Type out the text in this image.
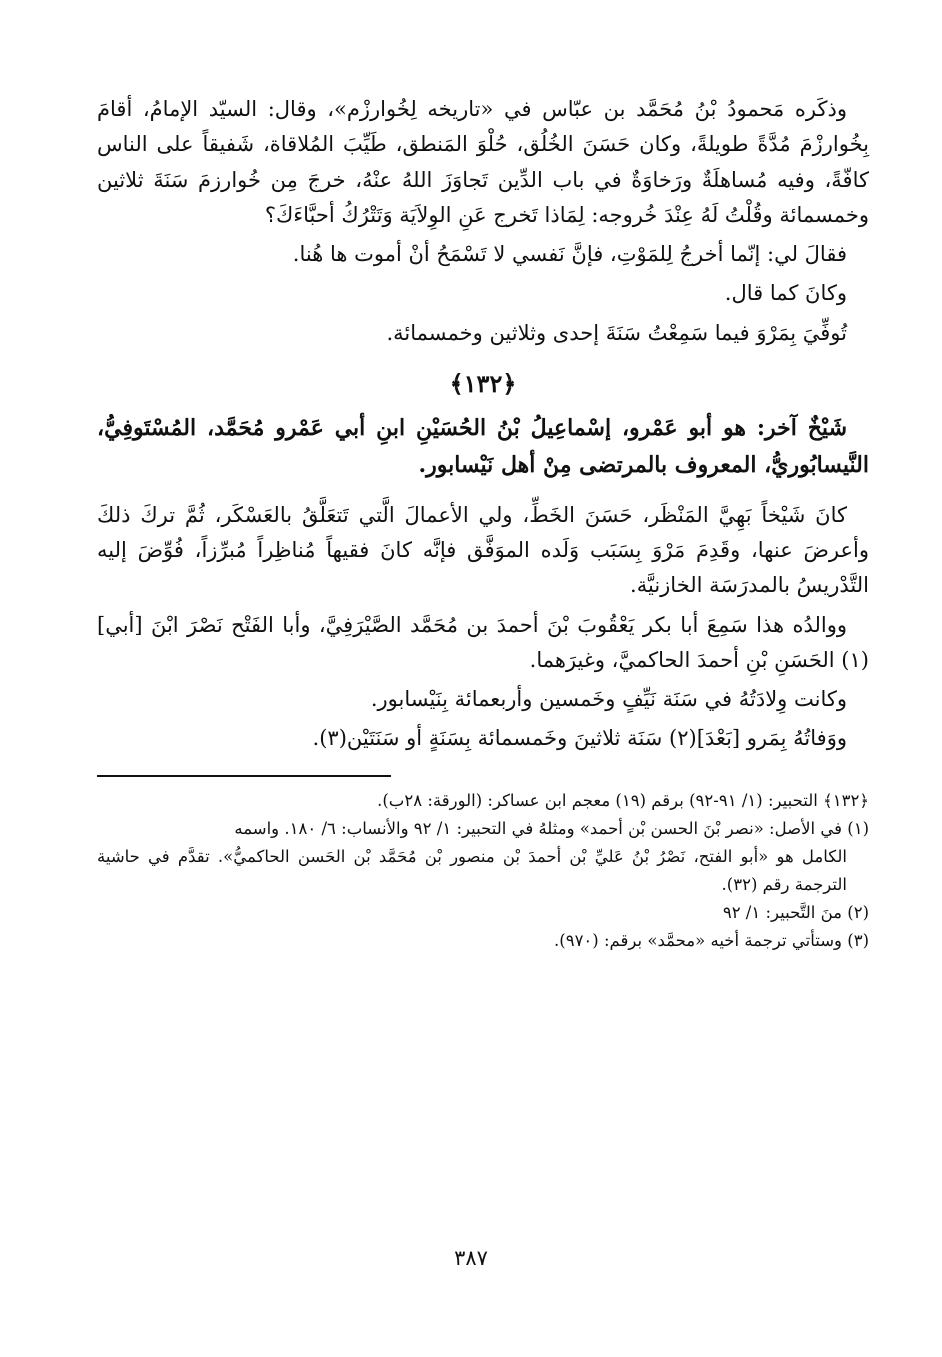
وذكَره مَحمودُ بْنُ مُحَمَّد بن عبّاس في «تاريخه لِخُوارزْم»، وقال: السيّد الإمامُ، أقامَ بِخُوارزْمَ مُدَّةً طويلةً، وكان حَسَنَ الخُلُق، حُلْوَ المَنطق، طَيِّبَ المُلاقاة، شَفيقاً على الناس كافّةً، وفيه مُساهلَةٌ ورَخاوَةٌ في باب الدِّين تَجاوَزَ اللهُ عنْهُ، خرجَ مِن خُوارزمَ سَنَةَ ثلاثين وخمسمائة وقُلْتُ لَهُ عِنْدَ خُروجه: لِمَاذا تَخرج عَنِ الوِلاَيَة وَتَتْرُكُ أحبَّاءَكَ؟

فقالَ لي: إنّما أخرجُ لِلمَوْتِ، فإنَّ نَفسي لا تَسْمَحُ أنْ أموت ها هُنا.

وكانَ كما قال.

تُوفِّيَ بِمَرْوَ فيما سَمِعْتُ سَنَةَ إحدى وثلاثين وخمسمائة.

﴿١٣٢﴾

شَيْخٌ آخر: هو أبو عَمْرو، إسْماعِيلُ بْنُ الحُسَيْنِ ابنِ أبي عَمْرو مُحَمَّد، المُسْتَوفِيُّ، النَّيسابُوريُّ، المعروف بالمرتضى مِنْ أهل نَيْسابور.

كانَ شَيْخاً بَهِيَّ المَنْظَر، حَسَنَ الخَطِّ، ولي الأعمالَ الَّتي تَتعَلَّقُ بالعَسْكَر، ثُمَّ تركَ ذلكَ وأعرضَ عنها، وقَدِمَ مَرْوَ بِسَبَب وَلَده الموَفَّق فإنَّه كانَ فقيهاً مُناظِراً مُبرِّزاً، فُوِّضَ إليه التَّدْريسُ بالمدرَسَة الخازنيَّة.

ووالدُه هذا سَمِعَ أبا بكر يَعْقُوبَ بْنَ أحمدَ بن مُحَمَّد الصَّيْرَفِيَّ، وأبا الفَتْح نَصْرَ ابْنَ [أبي](١) الحَسَنِ بْنِ أحمدَ الحاكميَّ، وغيرَهما.

وكانت وِلادَتُهُ في سَنَة نَيِّفٍ وخَمسين وأربعمائة بِنَيْسابور.

ووَفاتُهُ بِمَرو [بَعْدَ](٢) سَنَة ثلاثينَ وخَمسمائة بِسَنَةٍ أو سَنَتَيْن(٣).

﴿١٣٢﴾ التحبير: (١/ ٩١-٩٢) برقم (١٩) معجم ابن عساكر: (الورقة: ٢٨ب).

(١) في الأصل: «نصر بْنَ الحسن بْن أحمد» ومثلهُ في التحبير: ١/ ٩٢ والأنساب: ٦/ ١٨٠. واسمه

الكامل هو «أبو الفتح، نَصْرُ بْنُ عَليِّ بْن أحمدَ بْن منصور بْن مُحَمَّد بْن الحَسن الحاكميُّ». تقدَّم في حاشية الترجمة رقم (٣٢).

(٢) منَ التَّحبير: ١/ ٩٢

(٣) وستأتي ترجمة أخيه «محمَّد» برقم: (٩٧٠).

٣٨٧
